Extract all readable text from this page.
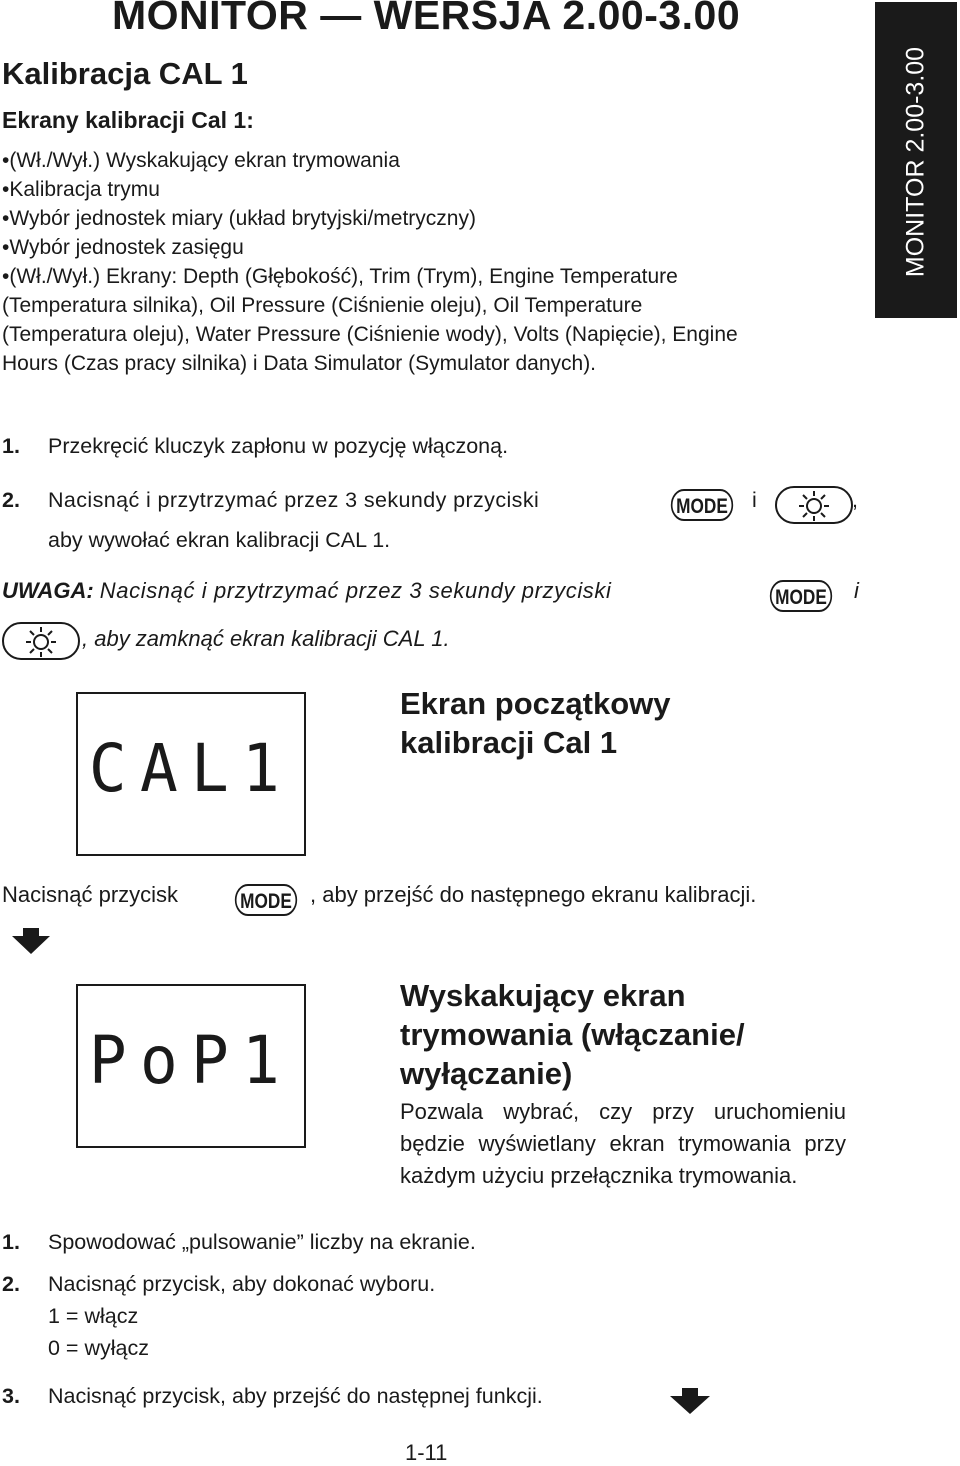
MONITOR — WERSJA 2.00-3.00
MONITOR 2.00-3.00
Kalibracja CAL 1
Ekrany kalibracji Cal 1:
•(Wł./Wył.) Wyskakujący ekran trymowania
•Kalibracja trymu
•Wybór jednostek miary (układ brytyjski/metryczny)
•Wybór jednostek zasięgu
•(Wł./Wył.) Ekrany: Depth (Głębokość), Trim (Trym), Engine Temperature (Temperatura silnika), Oil Pressure (Ciśnienie oleju), Oil Temperature (Temperatura oleju), Water Pressure (Ciśnienie wody), Volts (Napięcie), Engine Hours (Czas pracy silnika) i Data Simulator (Symulator danych).
1. Przekręcić kluczyk zapłonu w pozycję włączoną.
2. Nacisnąć i przytrzymać przez 3 sekundy przyciski	MODE i	,
aby wywołać ekran kalibracji CAL 1.
UWAGA: Nacisnąć i przytrzymać przez 3 sekundy przyciski	MODE i
, aby zamknąć ekran kalibracji CAL 1.
CAL1
Ekran początkowy
kalibracji Cal 1
Nacisnąć przycisk	MODE , aby przejść do następnego ekranu kalibracji.
PoP1
Wyskakujący ekran
trymowania (włączanie/
wyłączanie)
Pozwala wybrać, czy przy uruchomieniu będzie wyświetlany ekran trymowania przy każdym użyciu przełącznika trymowania.
1. Spowodować „pulsowanie” liczby na ekranie.
2. Nacisnąć przycisk, aby dokonać wyboru.
1 = włącz
0 = wyłącz
3. Nacisnąć przycisk, aby przejść do następnej funkcji.
1-11
